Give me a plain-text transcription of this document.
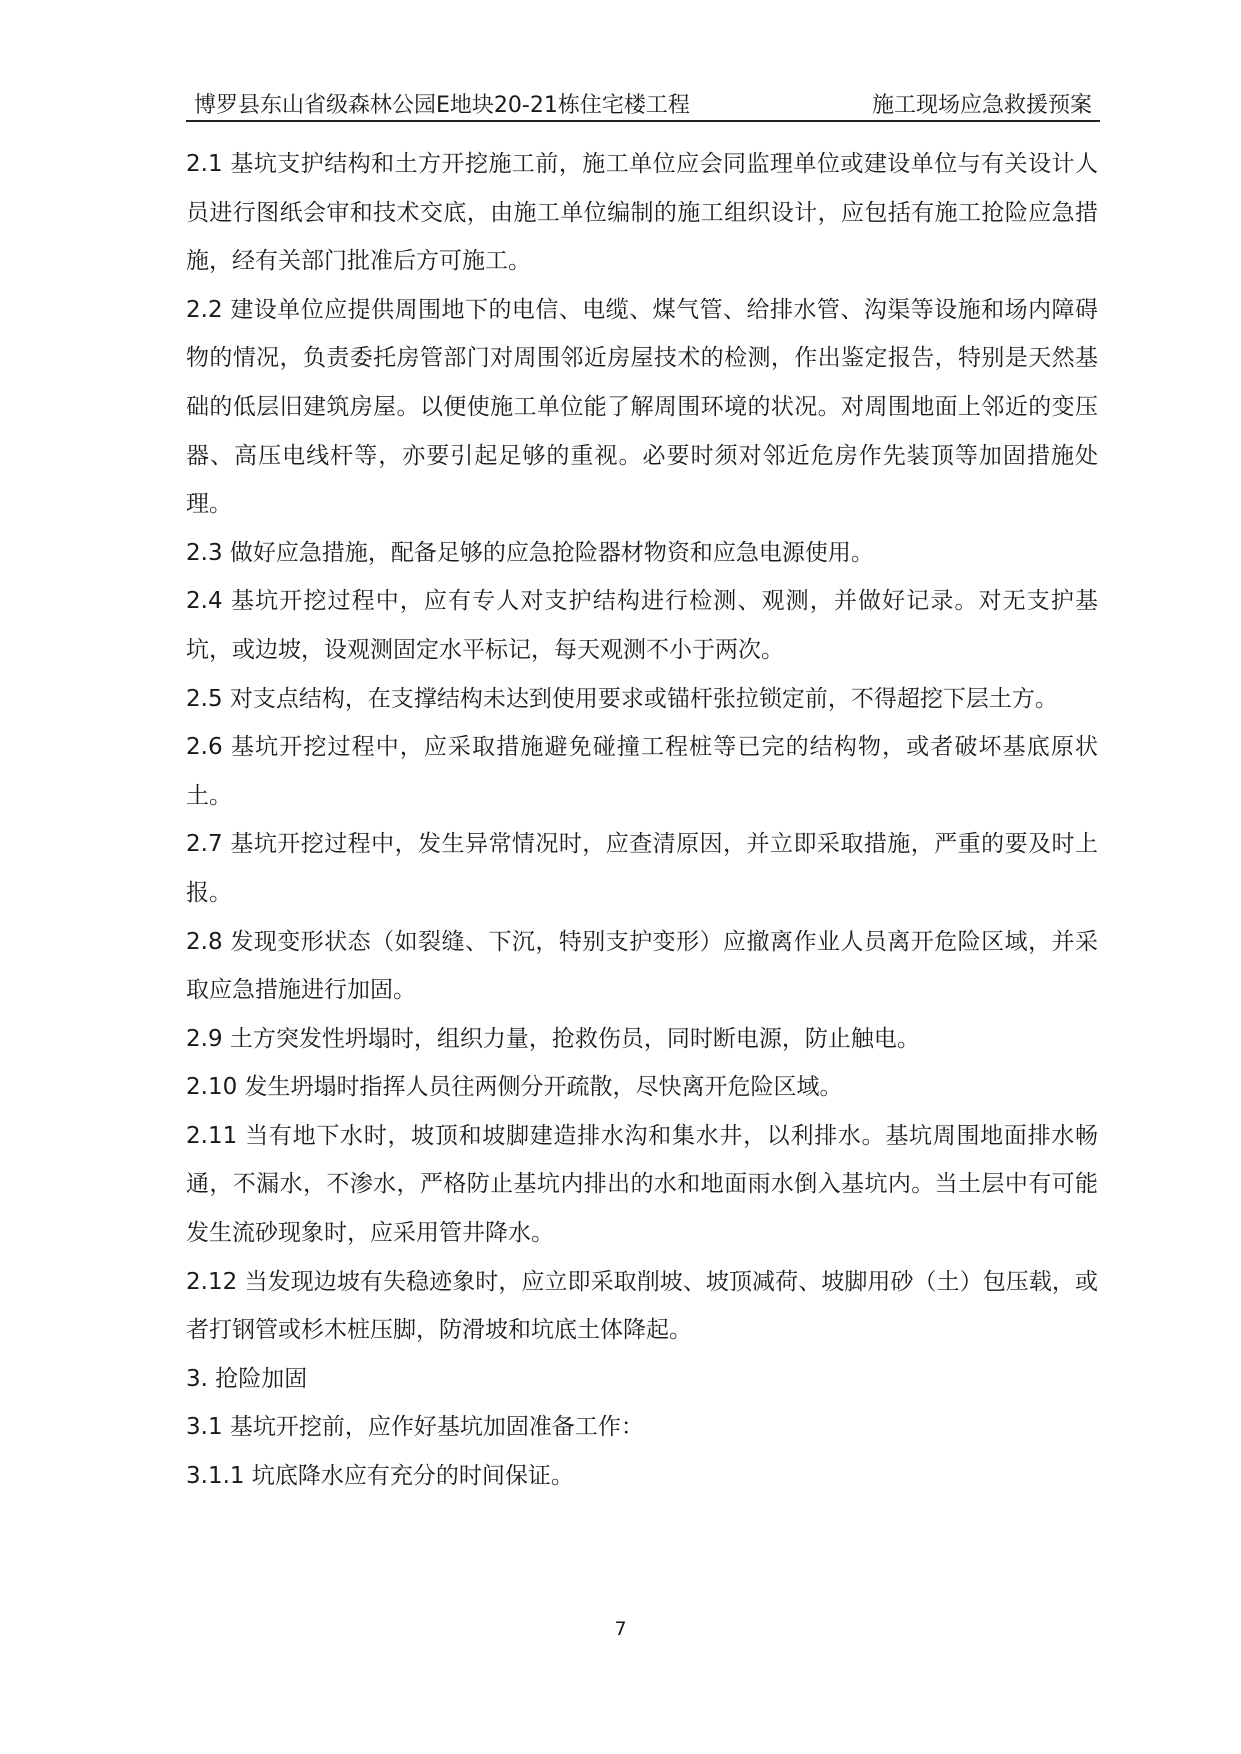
博罗县东山省级森林公园E地块20-21栋住宅楼工程	施工现场应急救援预案

2.1 基坑支护结构和土方开挖施工前，施工单位应会同监理单位或建设单位与有关设计人员进行图纸会审和技术交底，由施工单位编制的施工组织设计，应包括有施工抢险应急措施，经有关部门批准后方可施工。

2.2 建设单位应提供周围地下的电信、电缆、煤气管、给排水管、沟渠等设施和场内障碍物的情况，负责委托房管部门对周围邻近房屋技术的检测，作出鉴定报告，特别是天然基础的低层旧建筑房屋。以便使施工单位能了解周围环境的状况。对周围地面上邻近的变压器、高压电线杆等，亦要引起足够的重视。必要时须对邻近危房作先装顶等加固措施处理。

2.3 做好应急措施，配备足够的应急抢险器材物资和应急电源使用。

2.4 基坑开挖过程中，应有专人对支护结构进行检测、观测，并做好记录。对无支护基坑，或边坡，设观测固定水平标记，每天观测不小于两次。

2.5 对支点结构，在支撑结构未达到使用要求或锚杆张拉锁定前，不得超挖下层土方。

2.6 基坑开挖过程中，应采取措施避免碰撞工程桩等已完的结构物，或者破坏基底原状土。

2.7 基坑开挖过程中，发生异常情况时，应查清原因，并立即采取措施，严重的要及时上报。

2.8 发现变形状态（如裂缝、下沉，特别支护变形）应撤离作业人员离开危险区域，并采取应急措施进行加固。

2.9 土方突发性坍塌时，组织力量，抢救伤员，同时断电源，防止触电。

2.10 发生坍塌时指挥人员往两侧分开疏散，尽快离开危险区域。

2.11 当有地下水时，坡顶和坡脚建造排水沟和集水井，以利排水。基坑周围地面排水畅通，不漏水，不渗水，严格防止基坑内排出的水和地面雨水倒入基坑内。当土层中有可能发生流砂现象时，应采用管井降水。

2.12 当发现边坡有失稳迹象时，应立即采取削坡、坡顶减荷、坡脚用砂（土）包压载，或者打钢管或杉木桩压脚，防滑坡和坑底土体降起。

3. 抢险加固

3.1 基坑开挖前，应作好基坑加固准备工作：

3.1.1 坑底降水应有充分的时间保证。

7
